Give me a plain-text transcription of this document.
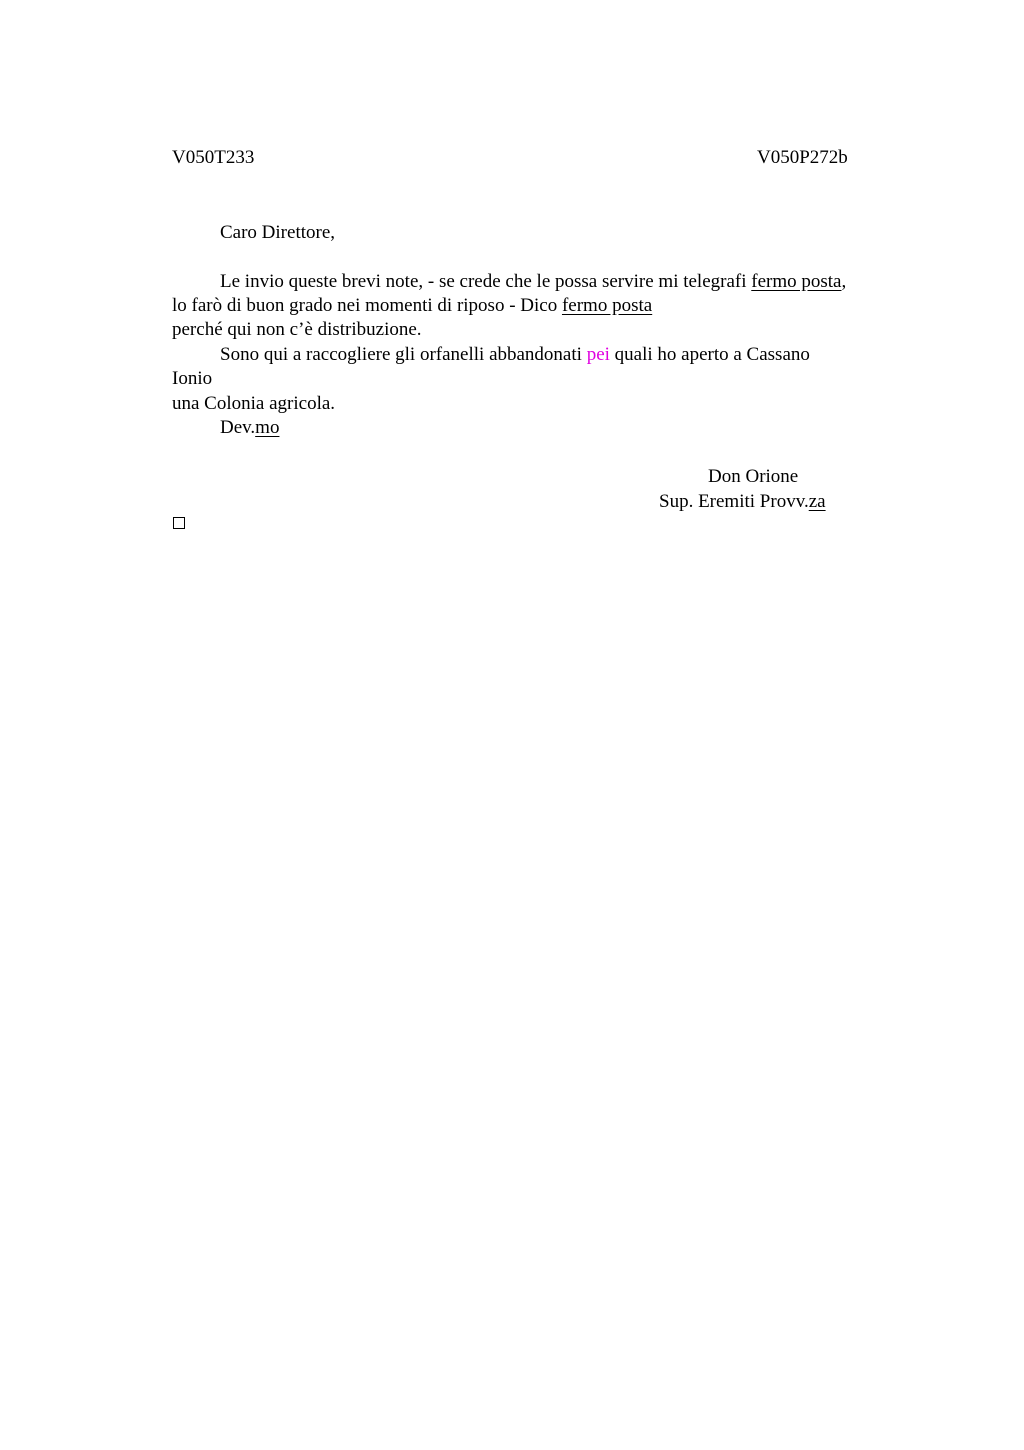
V050T233	V050P272b
Caro Direttore,
Le invio queste brevi note, - se crede che le possa servire mi telegrafi fermo posta,
lo farò di buon grado nei momenti di riposo - Dico fermo posta
perché qui non c’è distribuzione.
Sono qui a raccogliere gli orfanelli abbandonati pei quali ho aperto a Cassano
Ionio
una Colonia agricola.
Dev.mo
Don Orione
Sup. Eremiti Provv.za
